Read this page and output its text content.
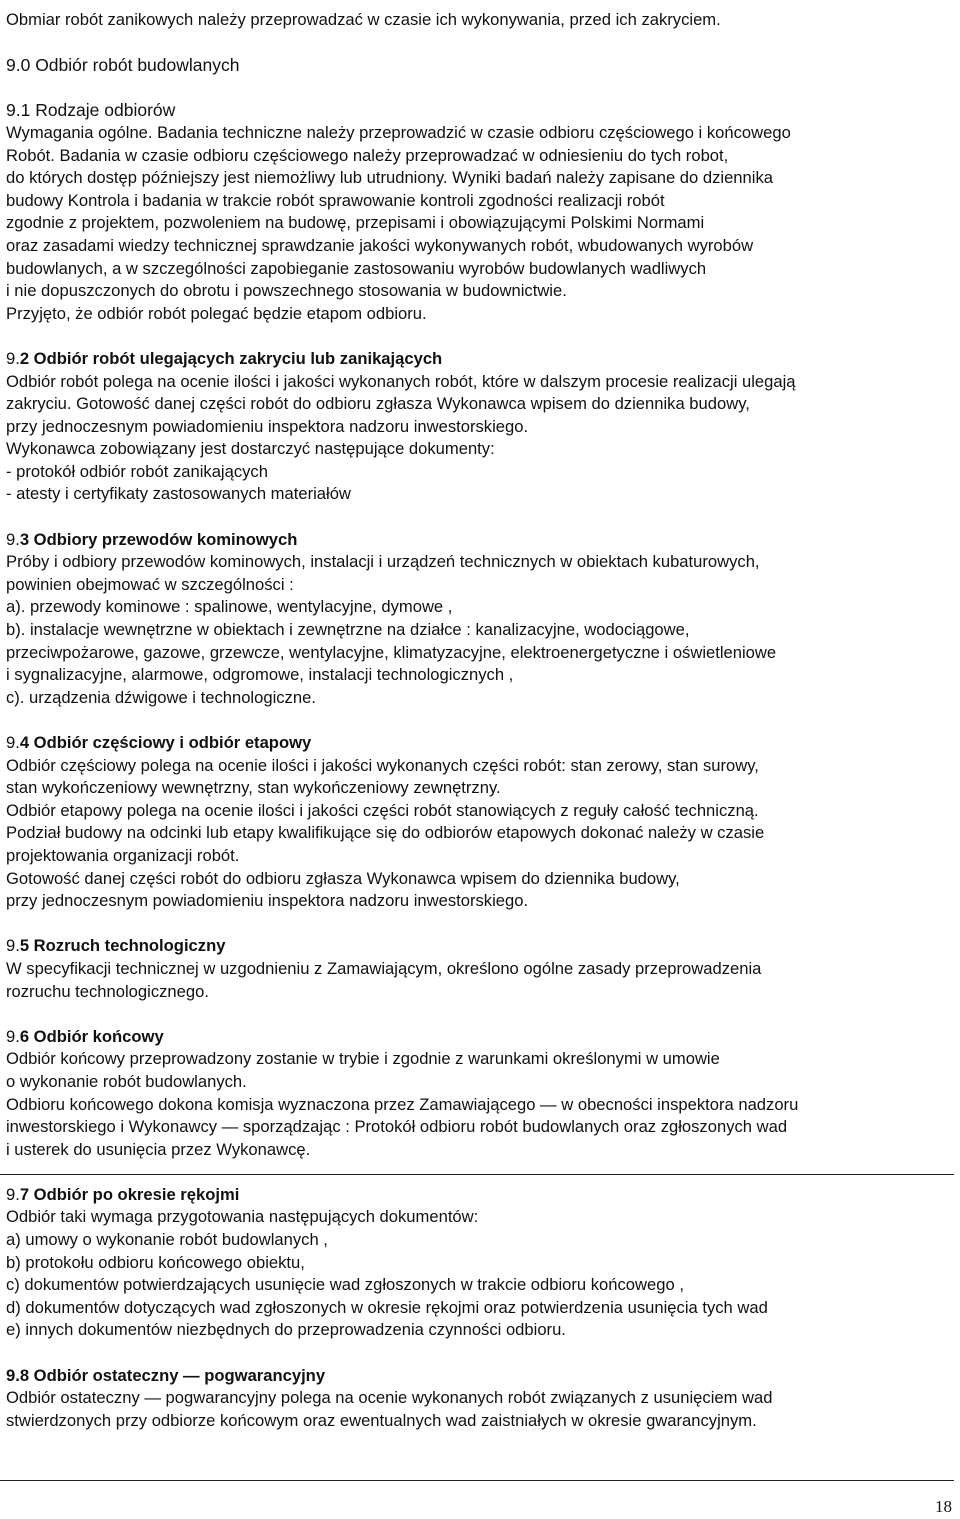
Obmiar robót zanikowych należy przeprowadzać w czasie ich wykonywania, przed ich zakryciem.

9.0 Odbiór robót budowlanych

9.1 Rodzaje odbiorów

Wymagania ogólne. Badania techniczne należy przeprowadzić w czasie odbioru częściowego i końcowego

Robót. Badania w czasie odbioru częściowego należy przeprowadzać w odniesieniu do tych robot,

do których dostęp późniejszy jest niemożliwy lub utrudniony. Wyniki badań należy zapisane do dziennika

budowy Kontrola i badania w trakcie robót sprawowanie kontroli zgodności realizacji robót

zgodnie z projektem, pozwoleniem na budowę, przepisami i obowiązującymi Polskimi Normami

oraz zasadami wiedzy technicznej sprawdzanie jakości wykonywanych robót, wbudowanych wyrobów

budowlanych, a w szczególności zapobieganie zastosowaniu wyrobów budowlanych wadliwych

i nie dopuszczonych do obrotu i powszechnego stosowania w budownictwie.

Przyjęto, że odbiór robót polegać będzie etapom odbioru.

9.2 Odbiór robót ulegających zakryciu lub zanikających

Odbiór robót polega na ocenie ilości i jakości wykonanych robót, które w dalszym procesie realizacji ulegają

zakryciu. Gotowość danej części robót do odbioru zgłasza Wykonawca wpisem do dziennika budowy,

przy jednoczesnym powiadomieniu inspektora nadzoru inwestorskiego.

Wykonawca zobowiązany jest dostarczyć następujące dokumenty:

- protokół odbiór robót zanikających

- atesty i certyfikaty zastosowanych materiałów

9.3 Odbiory przewodów kominowych

Próby i odbiory przewodów kominowych, instalacji i urządzeń technicznych w obiektach kubaturowych,

powinien obejmować w szczególności :

a). przewody kominowe : spalinowe, wentylacyjne, dymowe ,

b). instalacje wewnętrzne w obiektach i zewnętrzne na działce : kanalizacyjne, wodociągowe,

przeciwpożarowe, gazowe, grzewcze, wentylacyjne, klimatyzacyjne, elektroenergetyczne i oświetleniowe

i sygnalizacyjne, alarmowe, odgromowe, instalacji technologicznych ,

c). urządzenia dźwigowe i technologiczne.

9.4 Odbiór częściowy i odbiór etapowy

Odbiór częściowy polega na ocenie ilości i jakości wykonanych części robót: stan zerowy, stan surowy,

stan wykończeniowy wewnętrzny, stan wykończeniowy zewnętrzny.

Odbiór etapowy polega na ocenie ilości i jakości części robót stanowiących z reguły całość techniczną.

Podział budowy na odcinki lub etapy kwalifikujące się do odbiorów etapowych dokonać należy w czasie

projektowania organizacji robót.

Gotowość danej części robót do odbioru zgłasza Wykonawca wpisem do dziennika budowy,

przy jednoczesnym powiadomieniu inspektora nadzoru inwestorskiego.

9.5 Rozruch technologiczny

W specyfikacji technicznej w uzgodnieniu z Zamawiającym, określono ogólne zasady przeprowadzenia

rozruchu technologicznego.

9.6 Odbiór końcowy

Odbiór końcowy przeprowadzony zostanie w trybie i zgodnie z warunkami określonymi w umowie

o wykonanie robót budowlanych.

Odbioru końcowego dokona komisja wyznaczona przez Zamawiającego — w obecności inspektora nadzoru

inwestorskiego i Wykonawcy — sporządzając : Protokół odbioru robót budowlanych oraz zgłoszonych wad

i usterek do usunięcia przez Wykonawcę.

9.7 Odbiór po okresie rękojmi

Odbiór taki wymaga przygotowania następujących dokumentów:

a) umowy o wykonanie robót budowlanych ,

b) protokołu odbioru końcowego obiektu,

c) dokumentów potwierdzających usunięcie wad zgłoszonych w trakcie odbioru końcowego ,

d) dokumentów dotyczących wad zgłoszonych w okresie rękojmi oraz potwierdzenia usunięcia tych wad

e) innych dokumentów niezbędnych do przeprowadzenia czynności odbioru.

9.8 Odbiór ostateczny — pogwarancyjny

Odbiór ostateczny — pogwarancyjny polega na ocenie wykonanych robót związanych z usunięciem wad

stwierdzonych przy odbiorze końcowym oraz ewentualnych wad zaistniałych w okresie gwarancyjnym.

18
